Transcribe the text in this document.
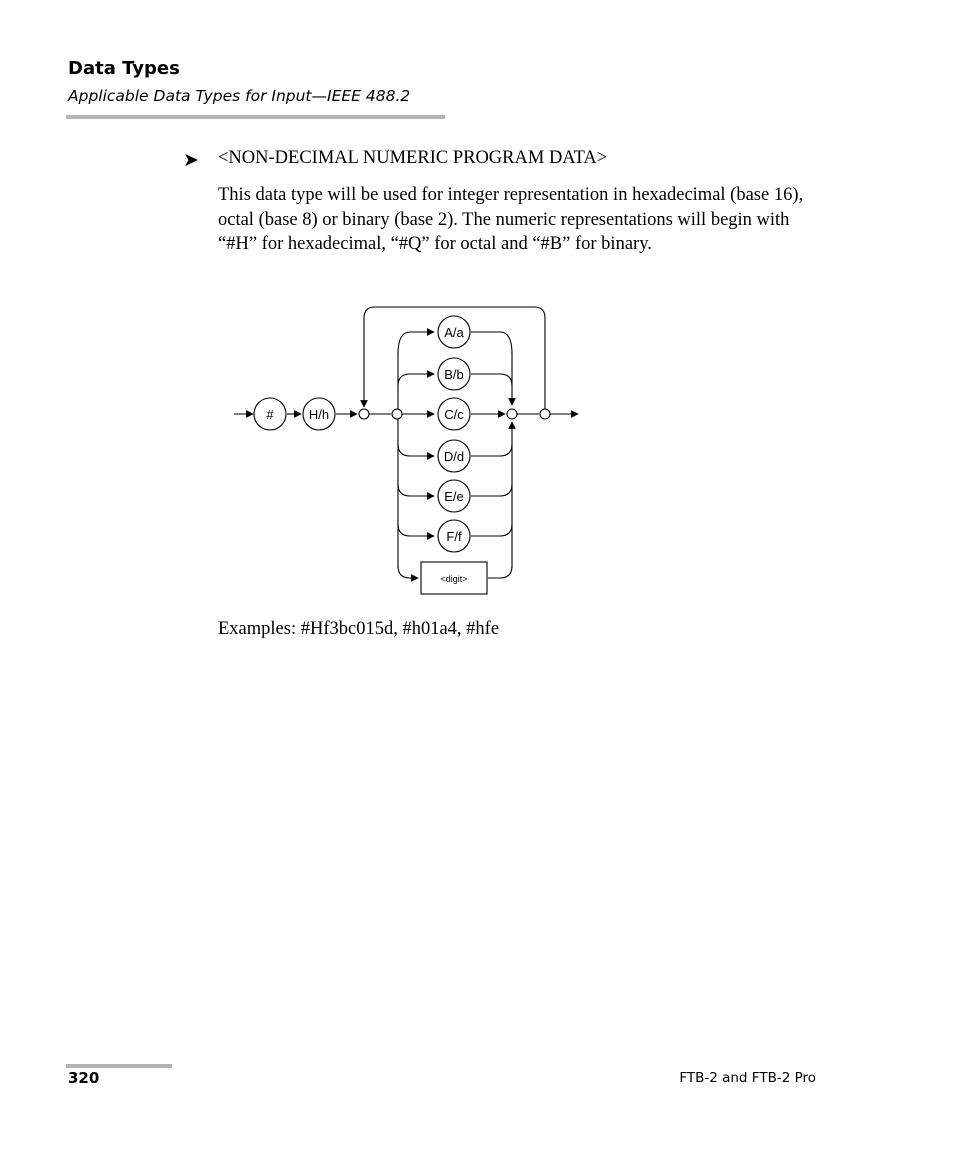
Data Types
Applicable Data Types for Input—IEEE 488.2
➤ <NON-DECIMAL NUMERIC PROGRAM DATA>
This data type will be used for integer representation in hexadecimal (base 16), octal (base 8) or binary (base 2). The numeric representations will begin with “#H” for hexadecimal, “#Q” for octal and “#B” for binary.
#	H/h
A/a
B/b
C/c
D/d
E/e
F/f
<digit>
Examples: #Hf3bc015d, #h01a4, #hfe
320	FTB-2 and FTB-2 Pro
